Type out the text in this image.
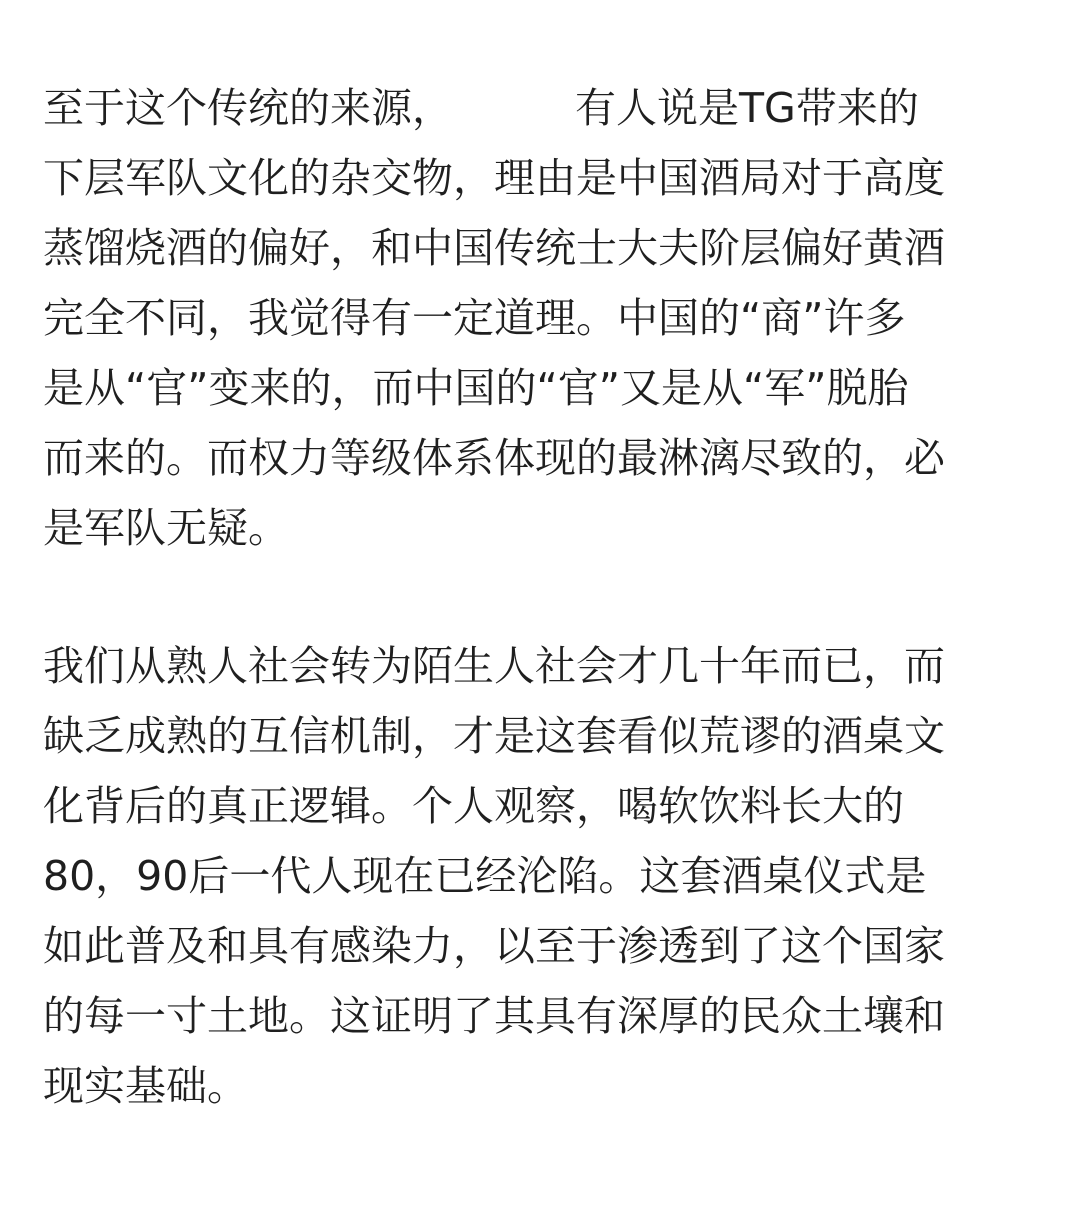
至于这个传统的来源，	有人说是TG带来的
下层军队文化的杂交物，理由是中国酒局对于高度
蒸馏烧酒的偏好，和中国传统士大夫阶层偏好黄酒
完全不同，我觉得有一定道理。中国的“商”许多
是从“官”变来的，而中国的“官”又是从“军”脱胎
而来的。而权力等级体系体现的最淋漓尽致的，必
是军队无疑。
我们从熟人社会转为陌生人社会才几十年而已，而
缺乏成熟的互信机制，才是这套看似荒谬的酒桌文
化背后的真正逻辑。个人观察，喝软饮料长大的
80，90后一代人现在已经沦陷。这套酒桌仪式是
如此普及和具有感染力，以至于渗透到了这个国家
的每一寸土地。这证明了其具有深厚的民众土壤和
现实基础。
